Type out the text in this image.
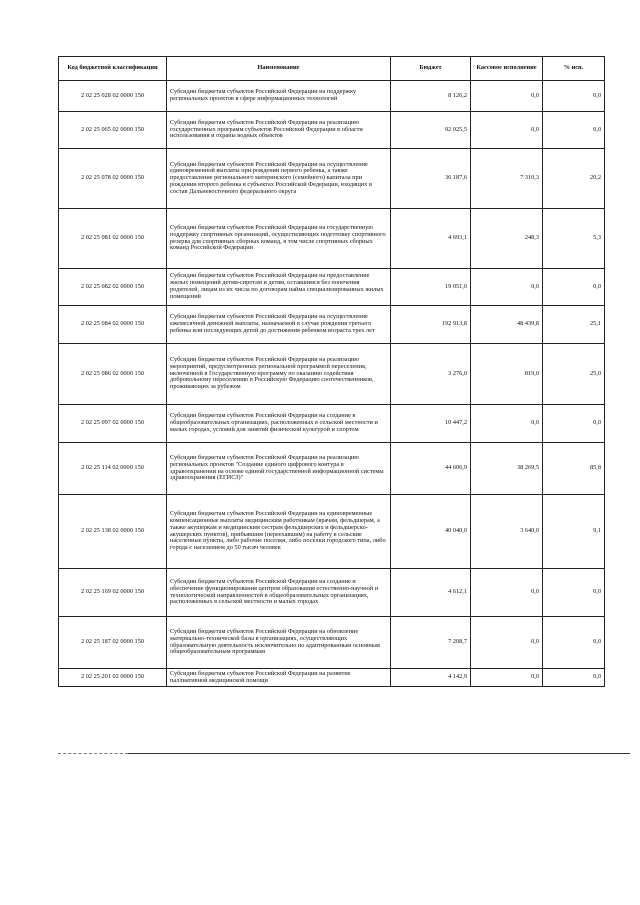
Код бюджетной классификации	Наименование	Бюджет	Кассовое исполнение	% исп.
2 02 25 028 02 0000 150	Субсидии бюджетам субъектов Российской Федерации на поддержку региональных проектов в сфере информационных технологий	8 126,2	0,0	0,0
2 02 25 065 02 0000 150	Субсидии бюджетам субъектов Российской Федерации на реализацию государственных программ субъектов Российской Федерации в области использования и охраны водных объектов	92 025,5	0,0	0,0
2 02 25 078 02 0000 150	Субсидии бюджетам субъектов Российской Федерации на осуществление единовременной выплаты при рождении первого ребенка, а также предоставление регионального материнского (семейного) капитала при рождении второго ребенка в субъектах Российской Федерации, входящих в состав Дальневосточного федерального округа	36 187,6	7 310,3	20,2
2 02 25 081 02 0000 150	Субсидии бюджетам субъектов Российской Федерации на государственную поддержку спортивных организаций, осуществляющих подготовку спортивного резерва для спортивных сборных команд, в том числе спортивных сборных команд Российской Федерации	4 693,1	248,3	5,3
2 02 25 082 02 0000 150	Субсидии бюджетам субъектов Российской Федерации на предоставление жилых помещений детям-сиротам и детям, оставшимся без попечения родителей, лицам из их числа по договорам найма специализированных жилых помещений	19 051,0	0,0	0,0
2 02 25 084 02 0000 150	Субсидии бюджетам субъектов Российской Федерации на осуществление ежемесячной денежной выплаты, назначаемой в случае рождения третьего ребенка или последующих детей до достижения ребенком возраста трех лет	192 913,8	48 439,8	25,1
2 02 25 086 02 0000 150	Субсидии бюджетам субъектов Российской Федерации на реализацию мероприятий, предусмотренных региональной программой переселения, включенной в Государственную программу по оказанию содействия добровольному переселению в Российскую Федерацию соотечественников, проживающих за рубежом	3 276,0	819,0	25,0
2 02 25 097 02 0000 150	Субсидии бюджетам субъектов Российской Федерации на создание в общеобразовательных организациях, расположенных в сельской местности и малых городах, условий для занятий физической культурой и спортом	10 447,2	0,0	0,0
2 02 25 114 02 0000 150	Субсидии бюджетам субъектов Российской Федерации на реализацию региональных проектов "Создание единого цифрового контура в здравоохранении на основе единой государственной информационной системы здравоохранения (ЕГИСЗ)"	44 606,9	38 269,5	85,8
2 02 25 138 02 0000 150	Субсидии бюджетам субъектов Российской Федерации на единовременные компенсационные выплаты медицинским работникам (врачам, фельдшерам, а также акушеркам и медицинским сестрам фельдшерских и фельдшерско-акушерских пунктов), прибывшим (переехавшим) на работу в сельские населенные пункты, либо рабочие поселки, либо поселки городского типа, либо города с населением до 50 тысяч человек	40 040,0	3 640,0	9,1
2 02 25 169 02 0000 150	Субсидии бюджетам субъектов Российской Федерации на создание и обеспечение функционирования центров образования естественно-научной и технологической направленностей в общеобразовательных организациях, расположенных в сельской местности и малых городах	4 612,1	0,0	0,0
2 02 25 187 02 0000 150	Субсидии бюджетам субъектов Российской Федерации на обновление материально-технической базы в организациях, осуществляющих образовательную деятельность исключительно по адаптированным основным общеобразовательным программам	7 208,7	0,0	0,0
2 02 25 201 02 0000 150	Субсидии бюджетам субъектов Российской Федерации на развитие паллиативной медицинской помощи	4 142,9	0,0	0,0
